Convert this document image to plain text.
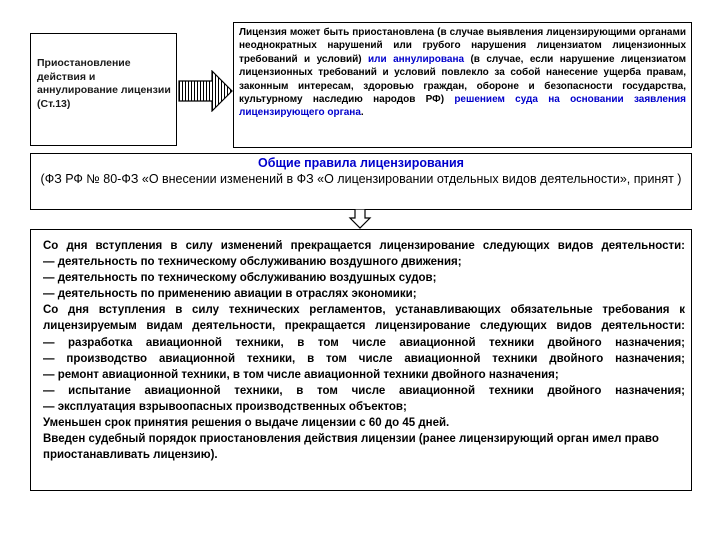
Приостановление действия и аннулирование лицензии (Ст.13)
Лицензия может быть приостановлена (в случае выявления лицензирующими органами неоднократных нарушений или грубого нарушения лицензиатом лицензионных требований и условий) или аннулирована (в случае, если нарушение лицензиатом лицензионных требований и условий повлекло за собой нанесение ущерба правам, законным интересам, здоровью граждан, обороне и безопасности государства, культурному наследию народов РФ) решением суда на основании заявления лицензирующего органа.
Общие правила лицензирования
(ФЗ РФ № 80-ФЗ «О внесении изменений в ФЗ «О лицензировании отдельных видов деятельности», принят )

Со дня вступления в силу изменений прекращается лицензирование следующих видов деятельности:

— деятельность по техническому обслуживанию воздушного движения;

— деятельность по техническому обслуживанию воздушных судов;

— деятельность по применению авиации в отраслях экономики;

Со дня вступления в силу технических регламентов, устанавливающих обязательные требования к лицензируемым видам деятельности, прекращается лицензирование следующих видов деятельности:

— разработка авиационной техники, в том числе авиационной техники двойного назначения;

— производство авиационной техники, в том числе авиационной техники двойного назначения;

— ремонт авиационной техники, в том числе авиационной техники двойного назначения;

— испытание авиационной техники, в том числе авиационной техники двойного назначения;

— эксплуатация взрывоопасных производственных объектов;

Уменьшен срок принятия решения о выдаче лицензии с 60 до 45 дней.

Введен судебный порядок приостановления действия лицензии (ранее лицензирующий орган имел право приостанавливать лицензию).
